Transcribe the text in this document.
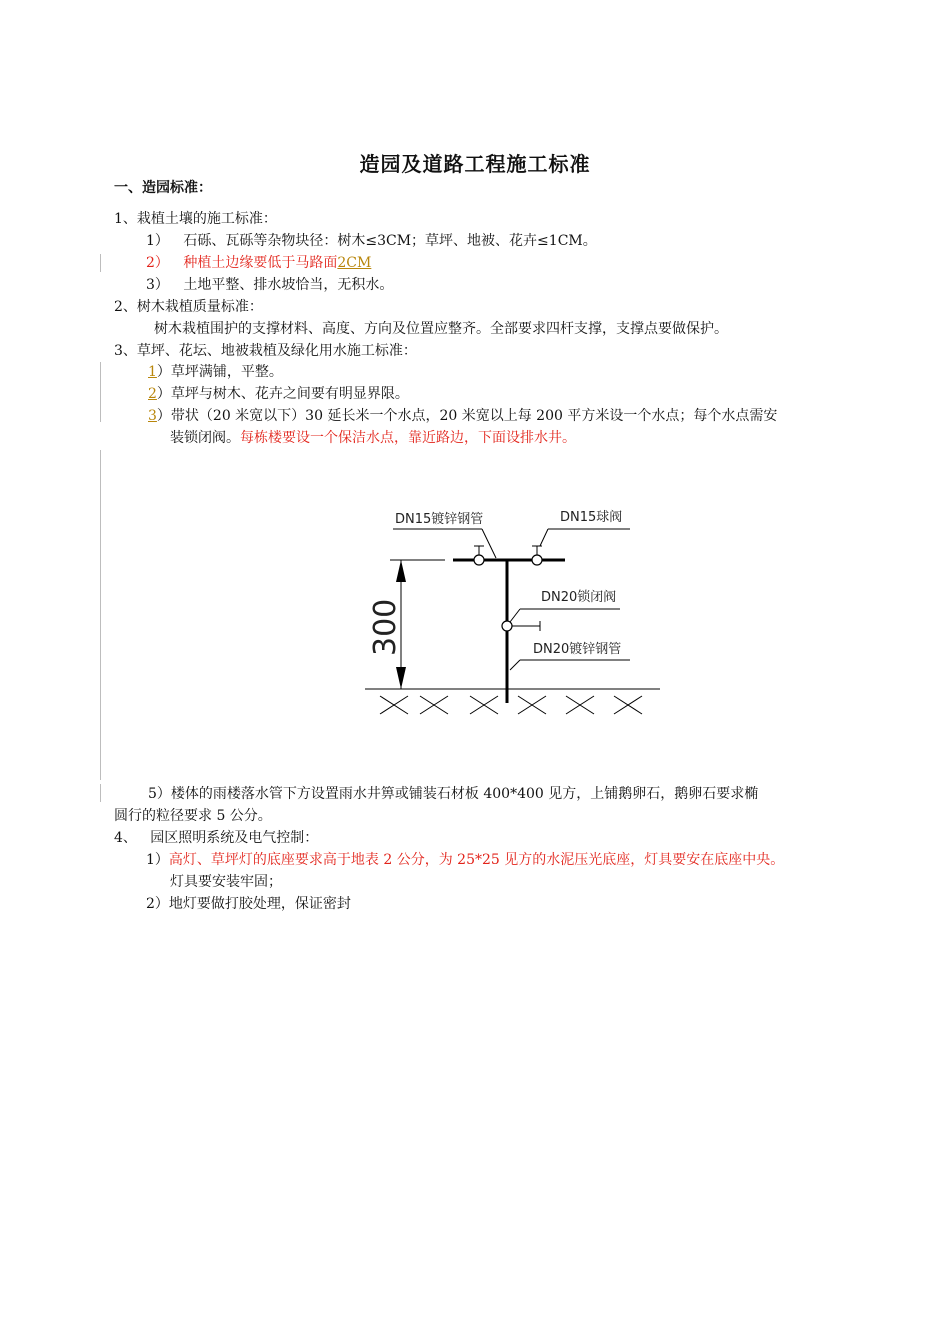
造园及道路工程施工标准
一、造园标准：
1、栽植土壤的施工标准：
1） 石砾、瓦砾等杂物块径：树木≤3CM；草坪、地被、花卉≤1CM。
2） 种植土边缘要低于马路面2CM
3） 土地平整、排水坡恰当，无积水。
2、树木栽植质量标准：
树木栽植围护的支撑材料、高度、方向及位置应整齐。全部要求四杆支撑，支撑点要做保护。
3、草坪、花坛、地被栽植及绿化用水施工标准：
1）草坪满铺，平整。
2）草坪与树木、花卉之间要有明显界限。
3）带状（20 米宽以下）30 延长米一个水点，20 米宽以上每 200 平方米设一个水点；每个水点需安
装锁闭阀。每栋楼要设一个保洁水点，靠近路边，下面设排水井。
DN15镀锌钢管	DN15球阀
DN20锁闭阀
DN20镀锌钢管
300
5）楼体的雨楼落水管下方设置雨水井箅或铺装石材板 400*400 见方，上铺鹅卵石，鹅卵石要求椭
圆行的粒径要求 5 公分。
4、   园区照明系统及电气控制：
1）高灯、草坪灯的底座要求高于地表 2 公分，为 25*25 见方的水泥压光底座，灯具要安在底座中央。
灯具要安装牢固；
2）地灯要做打胶处理，保证密封
